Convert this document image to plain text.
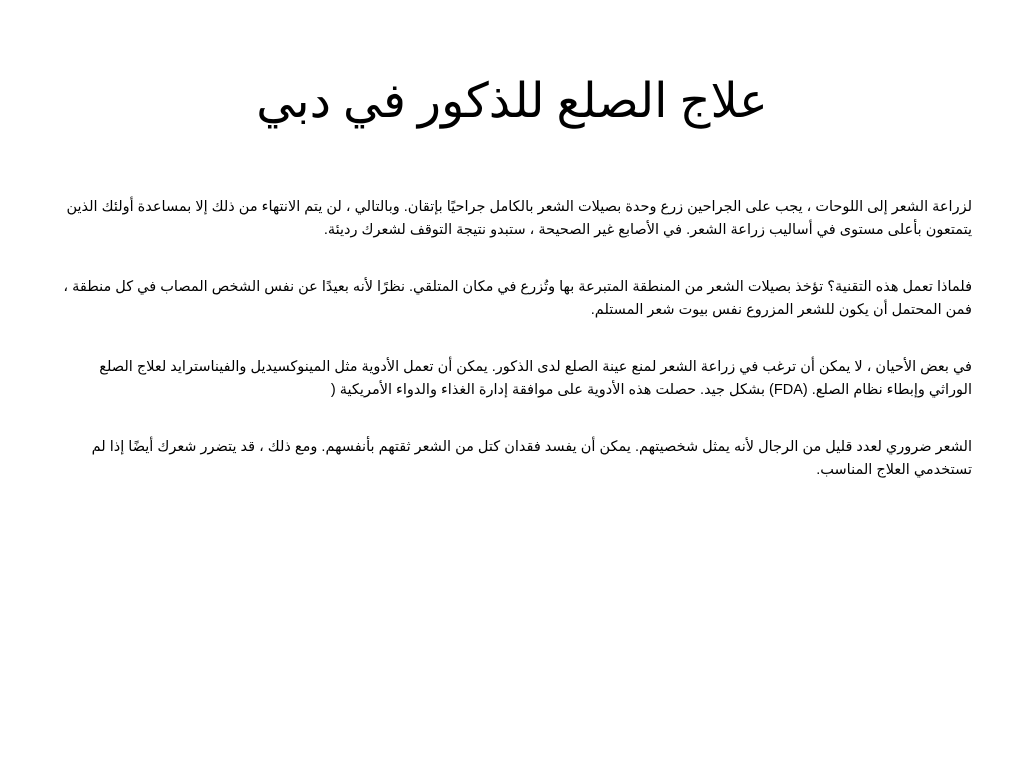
علاج الصلع للذكور في دبي

لزراعة الشعر إلى اللوحات ، يجب على الجراحين زرع وحدة بصيلات الشعر بالكامل جراحيًا بإتقان. وبالتالي ، لن يتم الانتهاء من ذلك إلا بمساعدة أولئك الذين يتمتعون بأعلى مستوى في أساليب زراعة الشعر. في الأصابع غير الصحيحة ، ستبدو نتيجة التوقف لشعرك رديئة.

فلماذا تعمل هذه التقنية؟ تؤخذ بصيلات الشعر من المنطقة المتبرعة بها وتُزرع في مكان المتلقي. نظرًا لأنه بعيدًا عن نفس الشخص المصاب في كل منطقة ، فمن المحتمل أن يكون للشعر المزروع نفس بيوت شعر المستلم.

في بعض الأحيان ، لا يمكن أن ترغب في زراعة الشعر لمنع عينة الصلع لدى الذكور. يمكن أن تعمل الأدوية مثل المينوكسيديل والفيناسترايد لعلاج الصلع الوراثي وإبطاء نظام الصلع. (FDA) بشكل جيد. حصلت هذه الأدوية على موافقة إدارة الغذاء والدواء الأمريكية (

الشعر ضروري لعدد قليل من الرجال لأنه يمثل شخصيتهم. يمكن أن يفسد فقدان كتل من الشعر ثقتهم بأنفسهم. ومع ذلك ، قد يتضرر شعرك أيضًا إذا لم تستخدمي العلاج المناسب.
